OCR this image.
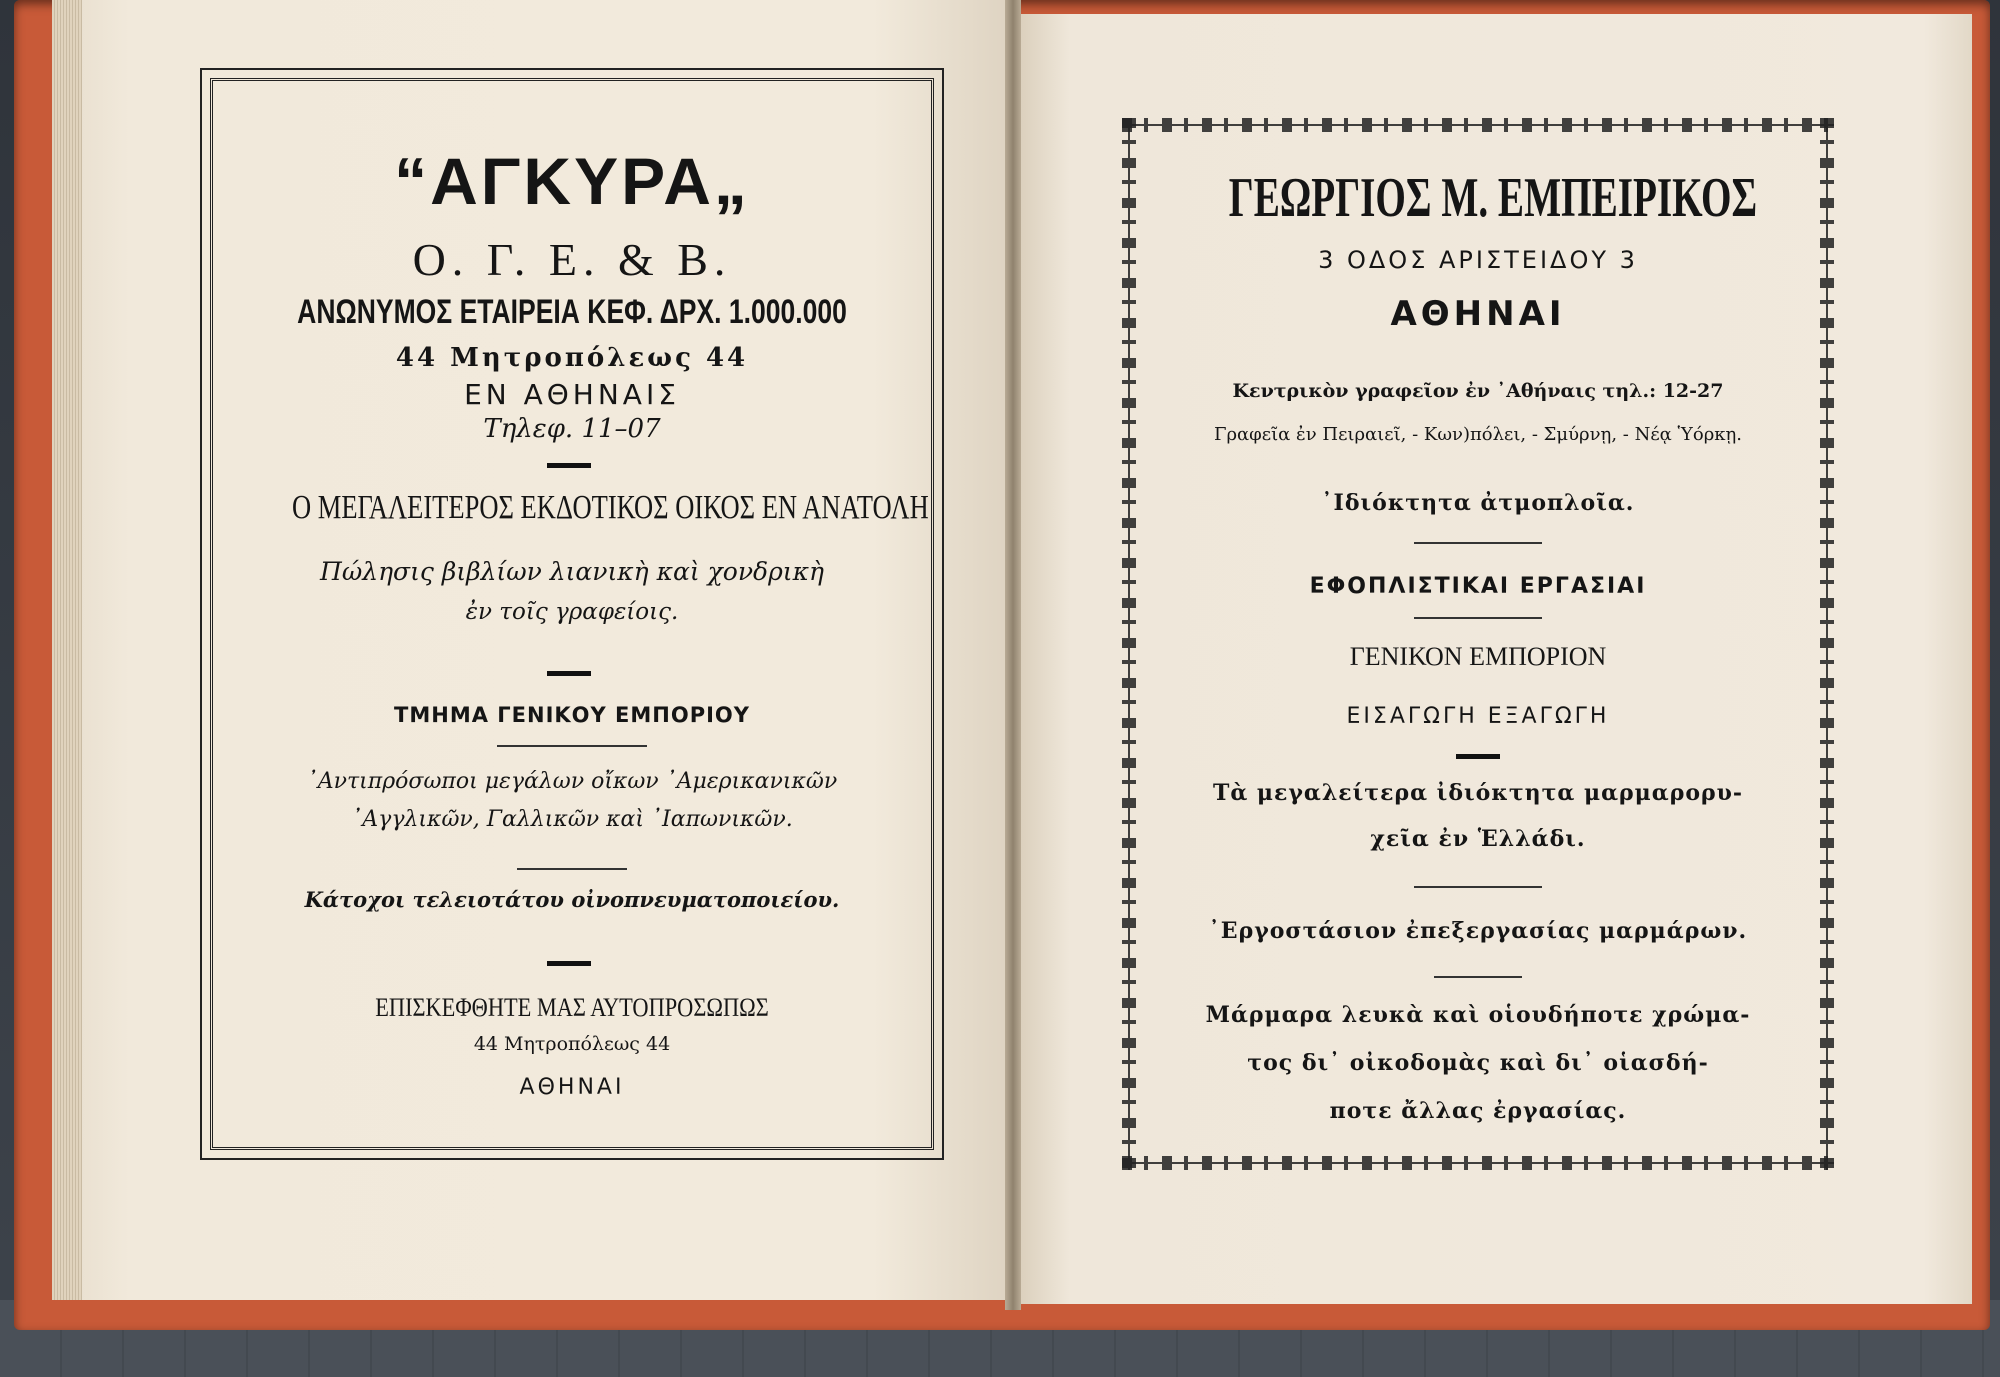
“ΑΓΚΥΡΑ„
Ο. Γ. Ε. & Β.
ΑΝΩΝΥΜΟΣ ΕΤΑΙΡΕΙΑ ΚΕΦ. ΔΡΧ. 1.000.000
44 Μητροπόλεως 44
ΕΝ ΑΘΗΝΑΙΣ
Τηλεφ. 11–07
Ο ΜΕΓΑΛΕΙΤΕΡΟΣ ΕΚΔΟΤΙΚΟΣ ΟΙΚΟΣ ΕΝ ΑΝΑΤΟΛΗ
Πώλησις βιβλίων λιανικὴ καὶ χονδρικὴ
ἐν τοῖς γραφείοις.
ΤΜΗΜΑ ΓΕΝΙΚΟΥ ΕΜΠΟΡΙΟΥ
᾿Αντιπρόσωποι μεγάλων οἴκων ᾿Αμερικανικῶν
᾿Αγγλικῶν, Γαλλικῶν καὶ ᾿Ιαπωνικῶν.
Κάτοχοι τελειοτάτου οἰνοπνευματοποιείου.
ΕΠΙΣΚΕΦΘΗΤΕ ΜΑΣ ΑΥΤΟΠΡΟΣΩΠΩΣ
44 Μητροπόλεως 44
ΑΘΗΝΑΙ
ΓΕΩΡΓΙΟΣ Μ. ΕΜΠΕΙΡΙΚΟΣ
3 ΟΔΟΣ ΑΡΙΣΤΕΙΔΟΥ 3
ΑΘΗΝΑΙ
Κεντρικὸν γραφεῖον ἐν ᾿Αθήναις τηλ.: 12-27
Γραφεῖα ἐν Πειραιεῖ, - Κων)πόλει, - Σμύρνῃ, - Νέᾳ Ὑόρκῃ.
᾿Ιδιόκτητα ἀτμοπλοῖα.
ΕΦΟΠΛΙΣΤΙΚΑΙ ΕΡΓΑΣΙΑΙ
ΓΕΝΙΚΟΝ ΕΜΠΟΡΙΟΝ
ΕΙΣΑΓΩΓΗ ΕΞΑΓΩΓΗ
Τὰ μεγαλείτερα ἰδιόκτητα μαρμαρορυ-
χεῖα ἐν Ἑλλάδι.
᾿Εργοστάσιον ἐπεξεργασίας μαρμάρων.
Μάρμαρα λευκὰ καὶ οἱουδήποτε χρώμα-
τος δι᾿ οἰκοδομὰς καὶ δι᾿ οἱασδή-
ποτε ἄλλας ἐργασίας.
